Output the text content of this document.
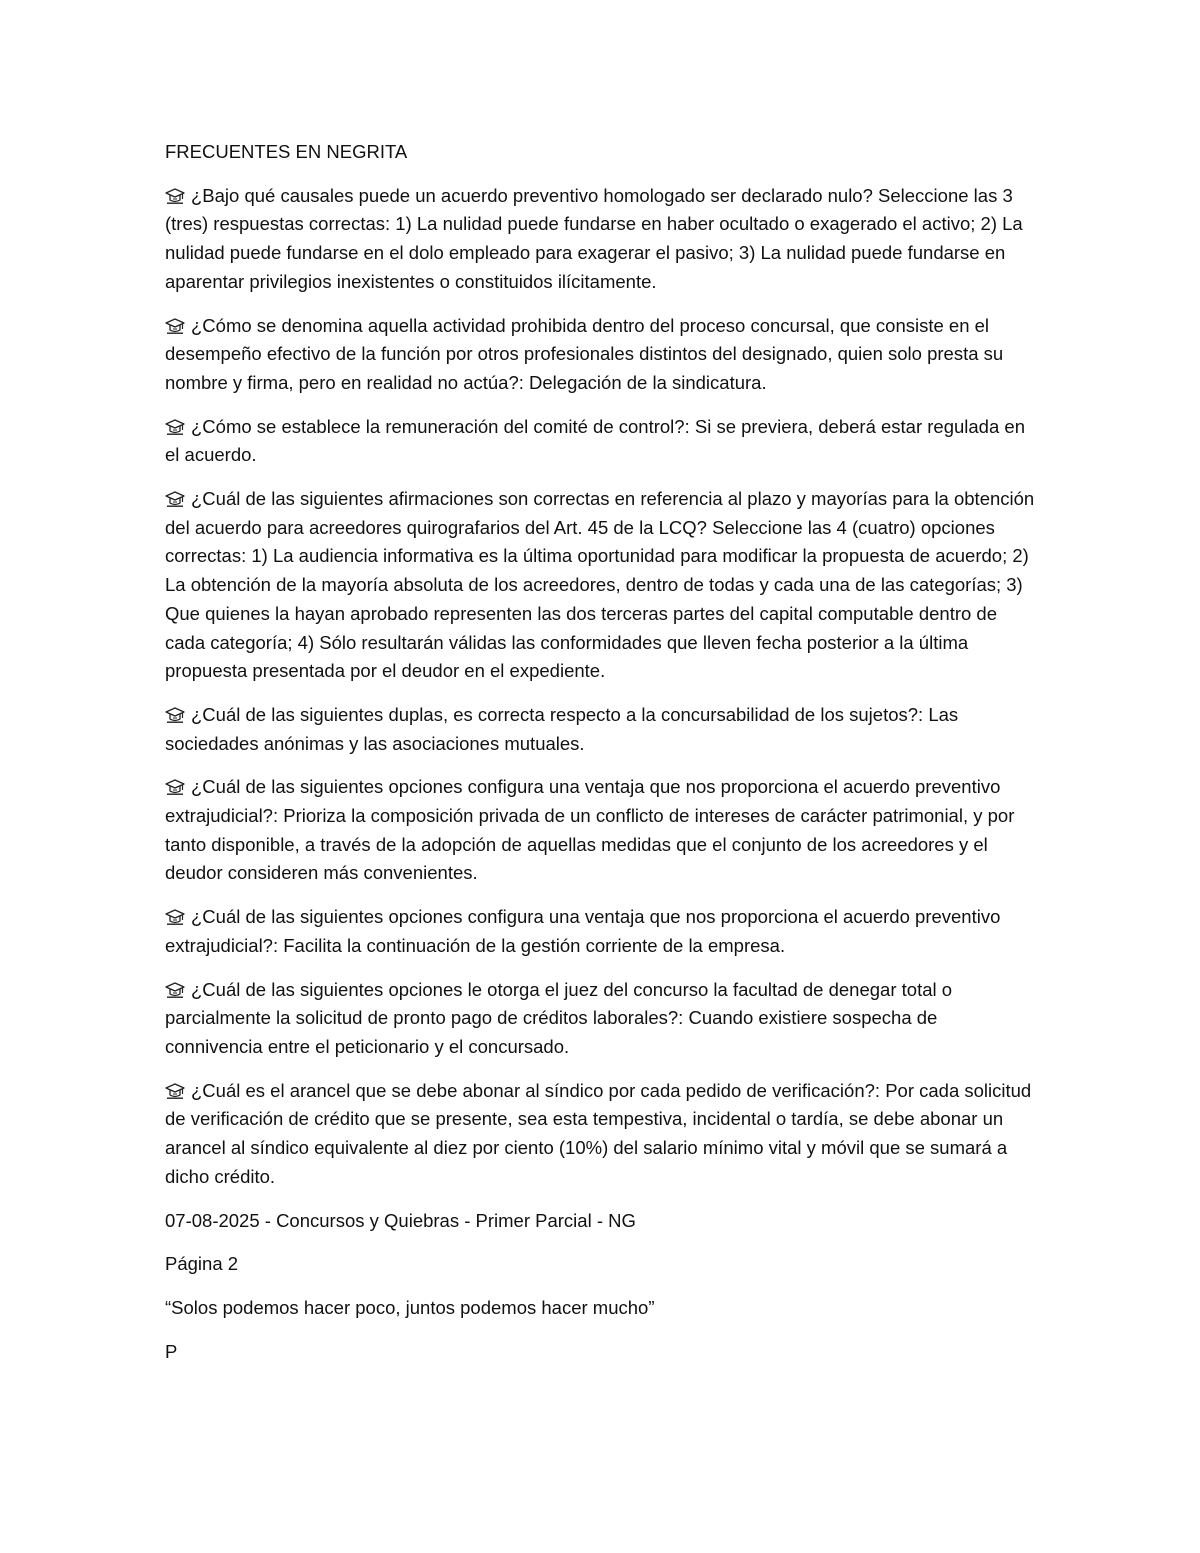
FRECUENTES EN NEGRITA

¿Bajo qué causales puede un acuerdo preventivo homologado ser declarado nulo? Seleccione las 3 (tres) respuestas correctas: 1) La nulidad puede fundarse en haber ocultado o exagerado el activo; 2) La nulidad puede fundarse en el dolo empleado para exagerar el pasivo; 3) La nulidad puede fundarse en aparentar privilegios inexistentes o constituidos ilícitamente.

¿Cómo se denomina aquella actividad prohibida dentro del proceso concursal, que consiste en el desempeño efectivo de la función por otros profesionales distintos del designado, quien solo presta su nombre y firma, pero en realidad no actúa?: Delegación de la sindicatura.

¿Cómo se establece la remuneración del comité de control?: Si se previera, deberá estar regulada en el acuerdo.

¿Cuál de las siguientes afirmaciones son correctas en referencia al plazo y mayorías para la obtención del acuerdo para acreedores quirografarios del Art. 45 de la LCQ? Seleccione las 4 (cuatro) opciones correctas: 1) La audiencia informativa es la última oportunidad para modificar la propuesta de acuerdo; 2) La obtención de la mayoría absoluta de los acreedores, dentro de todas y cada una de las categorías; 3) Que quienes la hayan aprobado representen las dos terceras partes del capital computable dentro de cada categoría; 4) Sólo resultarán válidas las conformidades que lleven fecha posterior a la última propuesta presentada por el deudor en el expediente.

¿Cuál de las siguientes duplas, es correcta respecto a la concursabilidad de los sujetos?: Las sociedades anónimas y las asociaciones mutuales.

¿Cuál de las siguientes opciones configura una ventaja que nos proporciona el acuerdo preventivo extrajudicial?: Prioriza la composición privada de un conflicto de intereses de carácter patrimonial, y por tanto disponible, a través de la adopción de aquellas medidas que el conjunto de los acreedores y el deudor consideren más convenientes.

¿Cuál de las siguientes opciones configura una ventaja que nos proporciona el acuerdo preventivo extrajudicial?: Facilita la continuación de la gestión corriente de la empresa.

¿Cuál de las siguientes opciones le otorga el juez del concurso la facultad de denegar total o parcialmente la solicitud de pronto pago de créditos laborales?: Cuando existiere sospecha de connivencia entre el peticionario y el concursado.

¿Cuál es el arancel que se debe abonar al síndico por cada pedido de verificación?: Por cada solicitud de verificación de crédito que se presente, sea esta tempestiva, incidental o tardía, se debe abonar un arancel al síndico equivalente al diez por ciento (10%) del salario mínimo vital y móvil que se sumará a dicho crédito.

07-08-2025 - Concursos y Quiebras - Primer Parcial - NG

Página 2

“Solos podemos hacer poco, juntos podemos hacer mucho”

P
